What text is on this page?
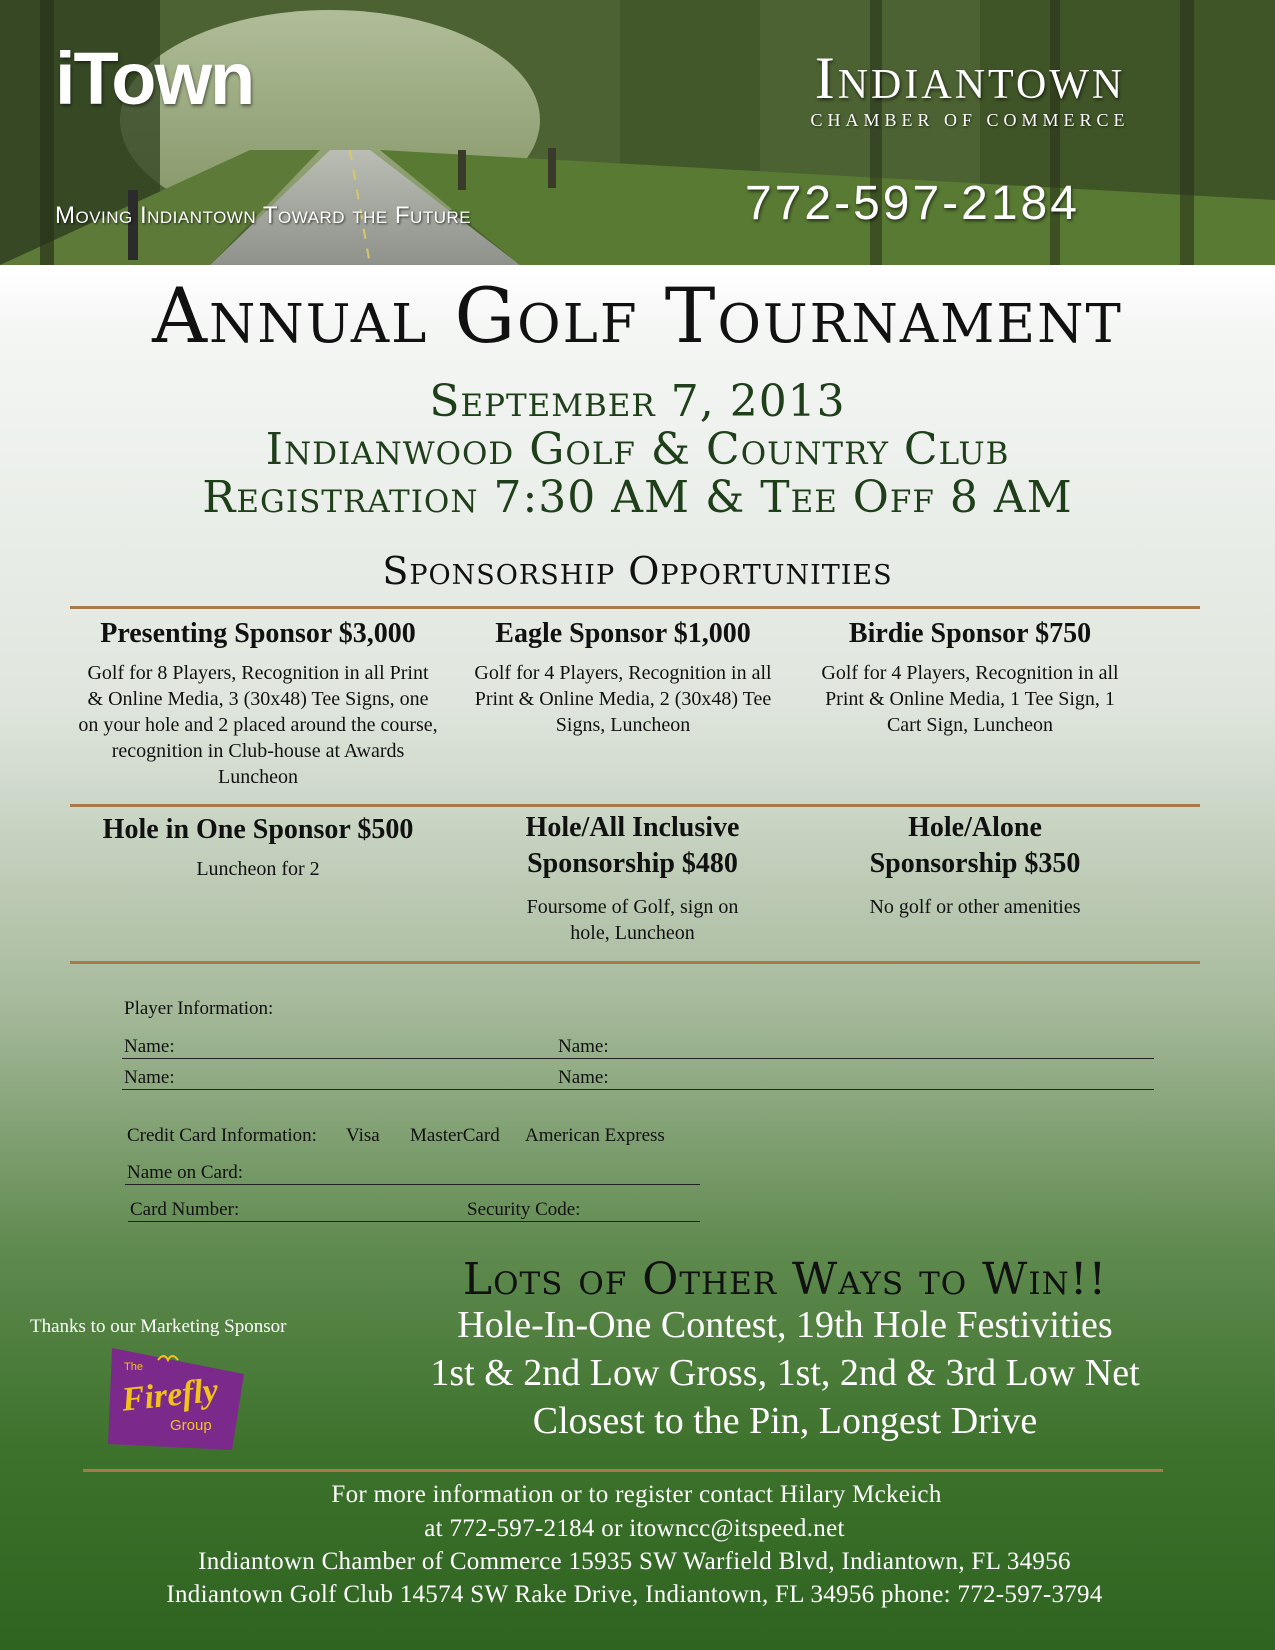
iTown
Moving Indiantown Toward the Future
Indiantown
CHAMBER OF COMMERCE
772-597-2184
Annual Golf Tournament
September 7, 2013
Indianwood Golf & Country Club
Registration 7:30 AM & Tee Off 8 AM
Sponsorship Opportunities
Presenting Sponsor $3,000
Golf for 8 Players, Recognition in all Print & Online Media, 3 (30x48) Tee Signs, one on your hole and 2 placed around the course, recognition in Club-house at Awards Luncheon
Eagle Sponsor $1,000
Golf for 4 Players, Recognition in all Print & Online Media, 2 (30x48) Tee Signs, Luncheon
Birdie Sponsor $750
Golf for 4 Players, Recognition in all Print & Online Media, 1 Tee Sign, 1 Cart Sign, Luncheon
Hole in One Sponsor $500
Luncheon for 2
Hole/All Inclusive Sponsorship $480
Foursome of Golf, sign on hole, Luncheon
Hole/Alone Sponsorship $350
No golf or other amenities
Player Information:
Name:	Name:
Name:	Name:
Credit Card Information: Visa MasterCard American Express
Name on Card:
Card Number:	Security Code:
Thanks to our Marketing Sponsor
The
Firefly
Group
Lots of Other Ways to Win!!
Hole-In-One Contest, 19th Hole Festivities
1st & 2nd Low Gross, 1st, 2nd & 3rd Low Net
Closest to the Pin, Longest Drive
For more information or to register contact Hilary Mckeich
at 772-597-2184 or itowncc@itspeed.net
Indiantown Chamber of Commerce 15935 SW Warfield Blvd, Indiantown, FL 34956
Indiantown Golf Club 14574 SW Rake Drive, Indiantown, FL 34956 phone: 772-597-3794
